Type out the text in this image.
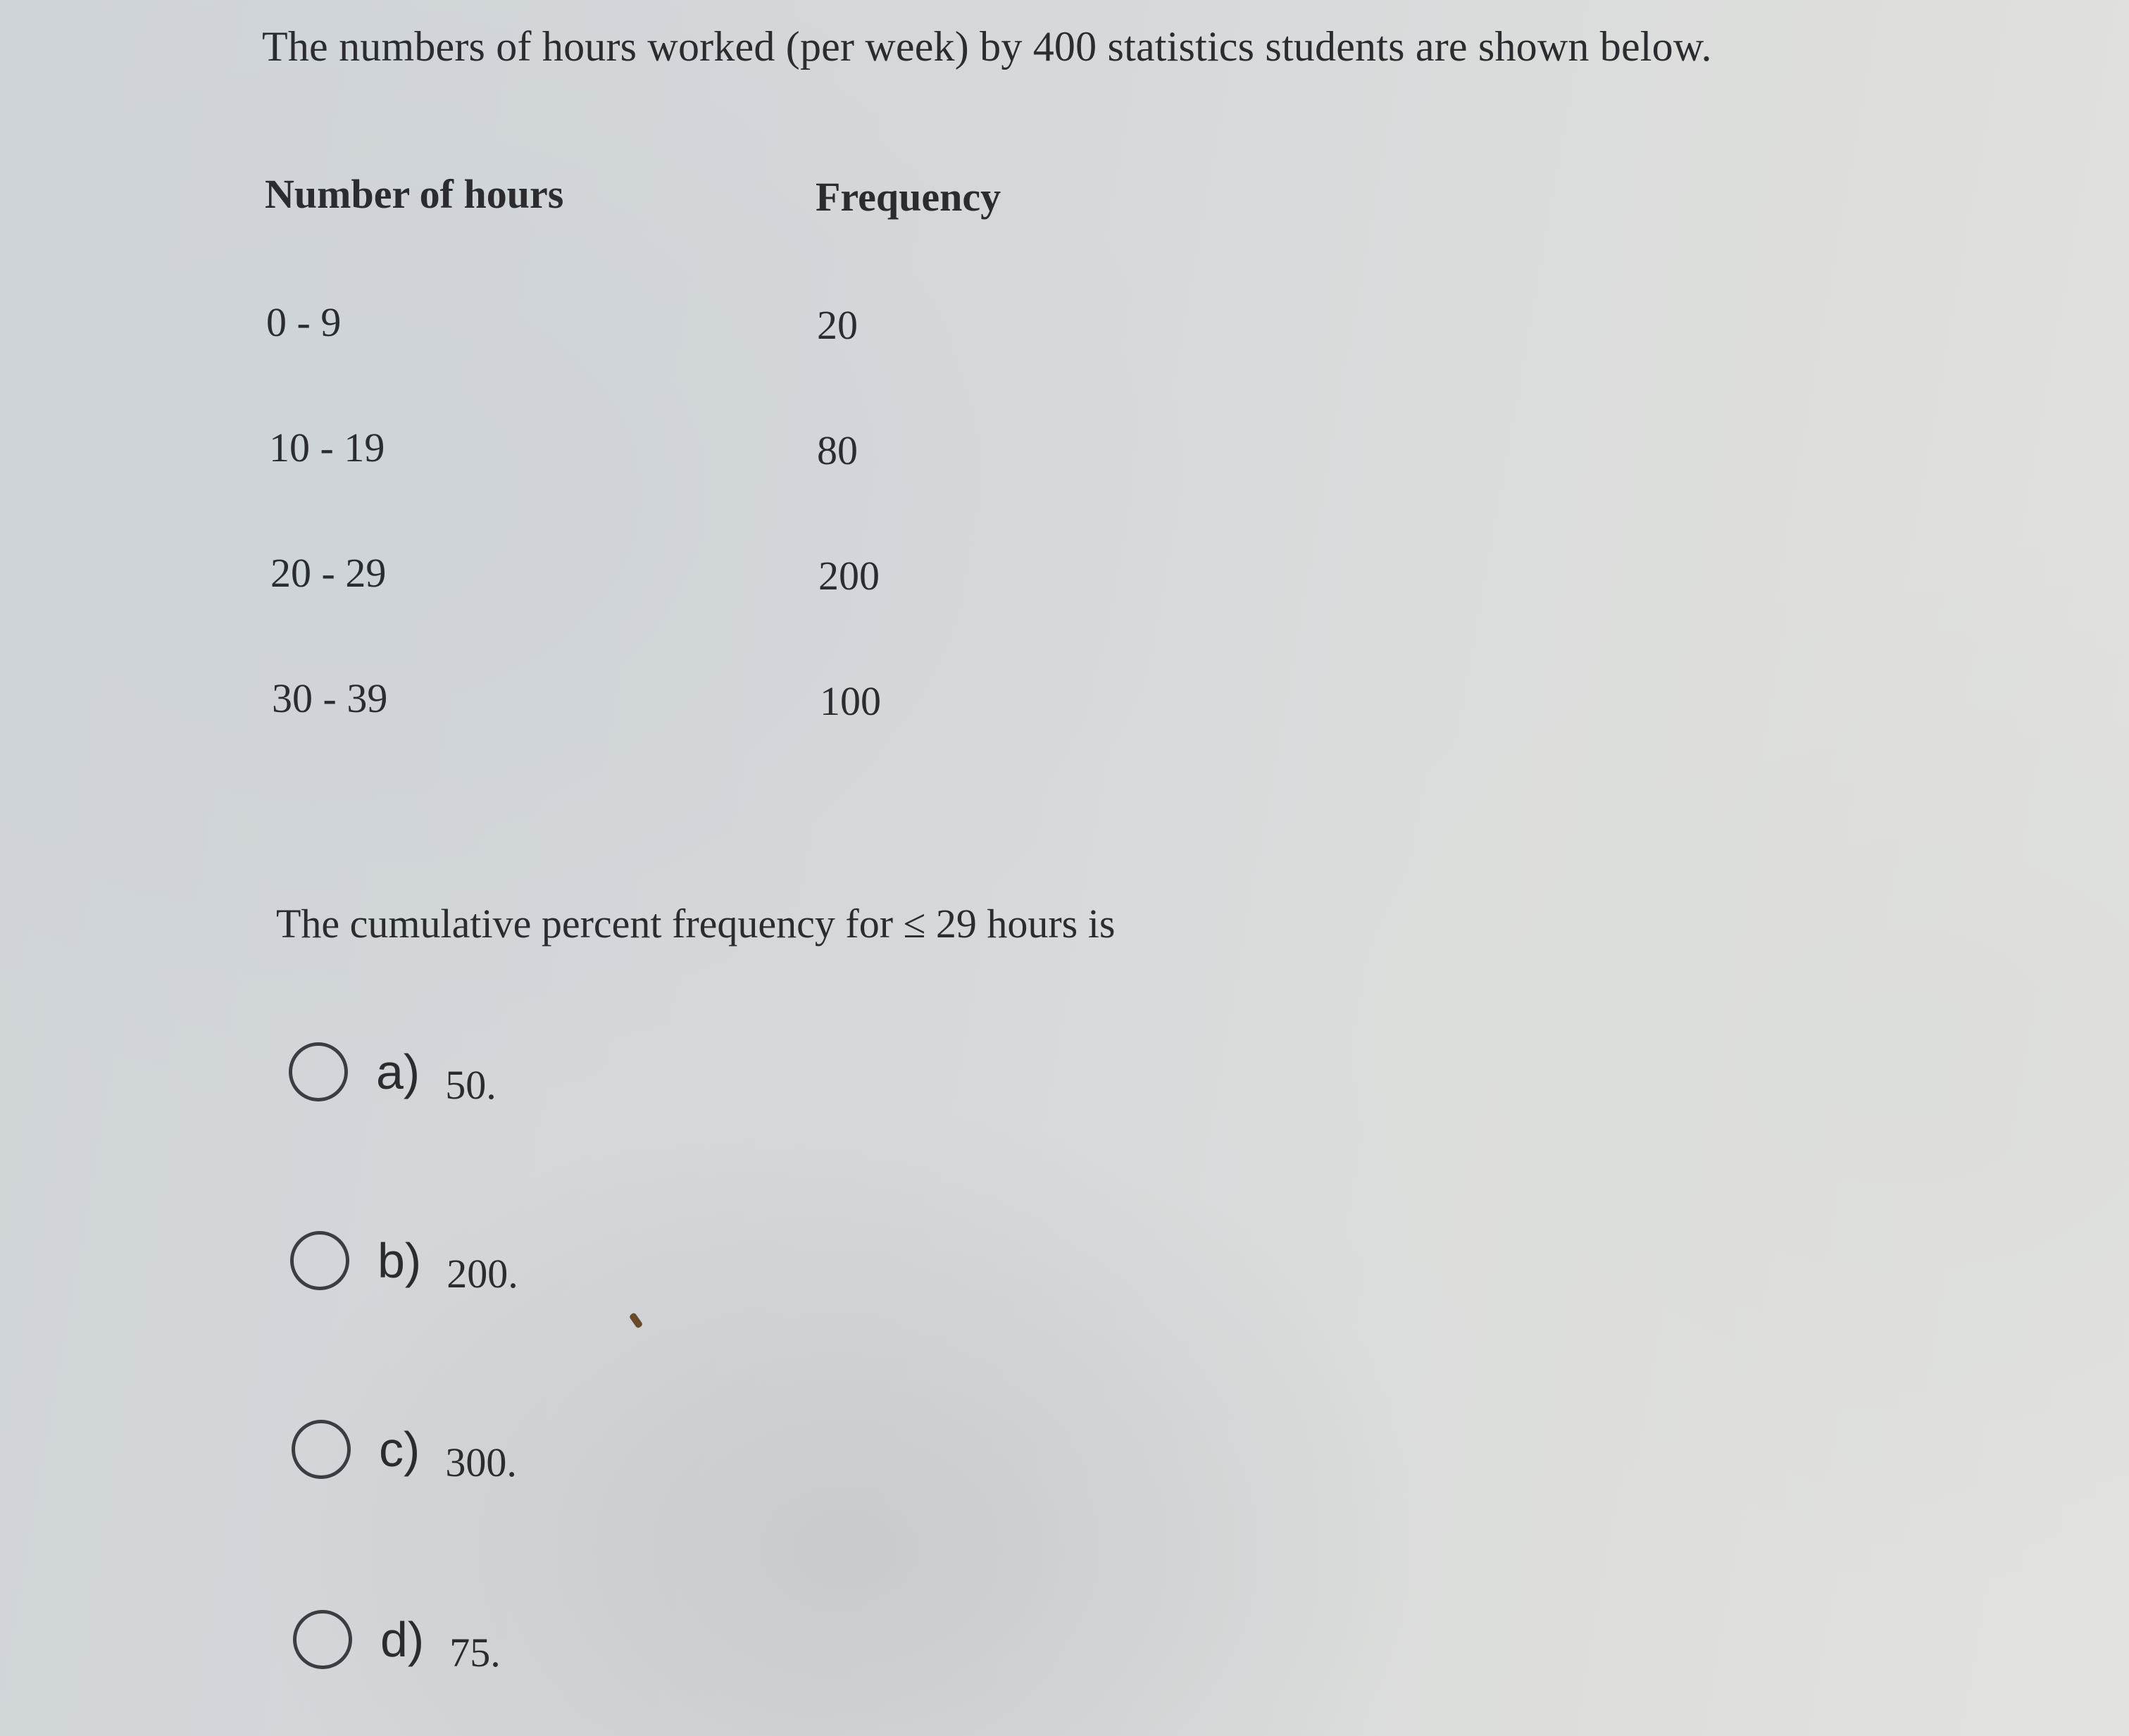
The numbers of hours worked (per week) by 400 statistics students are shown below.
Number of hours	Frequency
0 - 9	20
10 - 19	80
20 - 29	200
30 - 39	100
The cumulative percent frequency for ≤ 29 hours is
a) 50.
b) 200.
c) 300.
d) 75.
